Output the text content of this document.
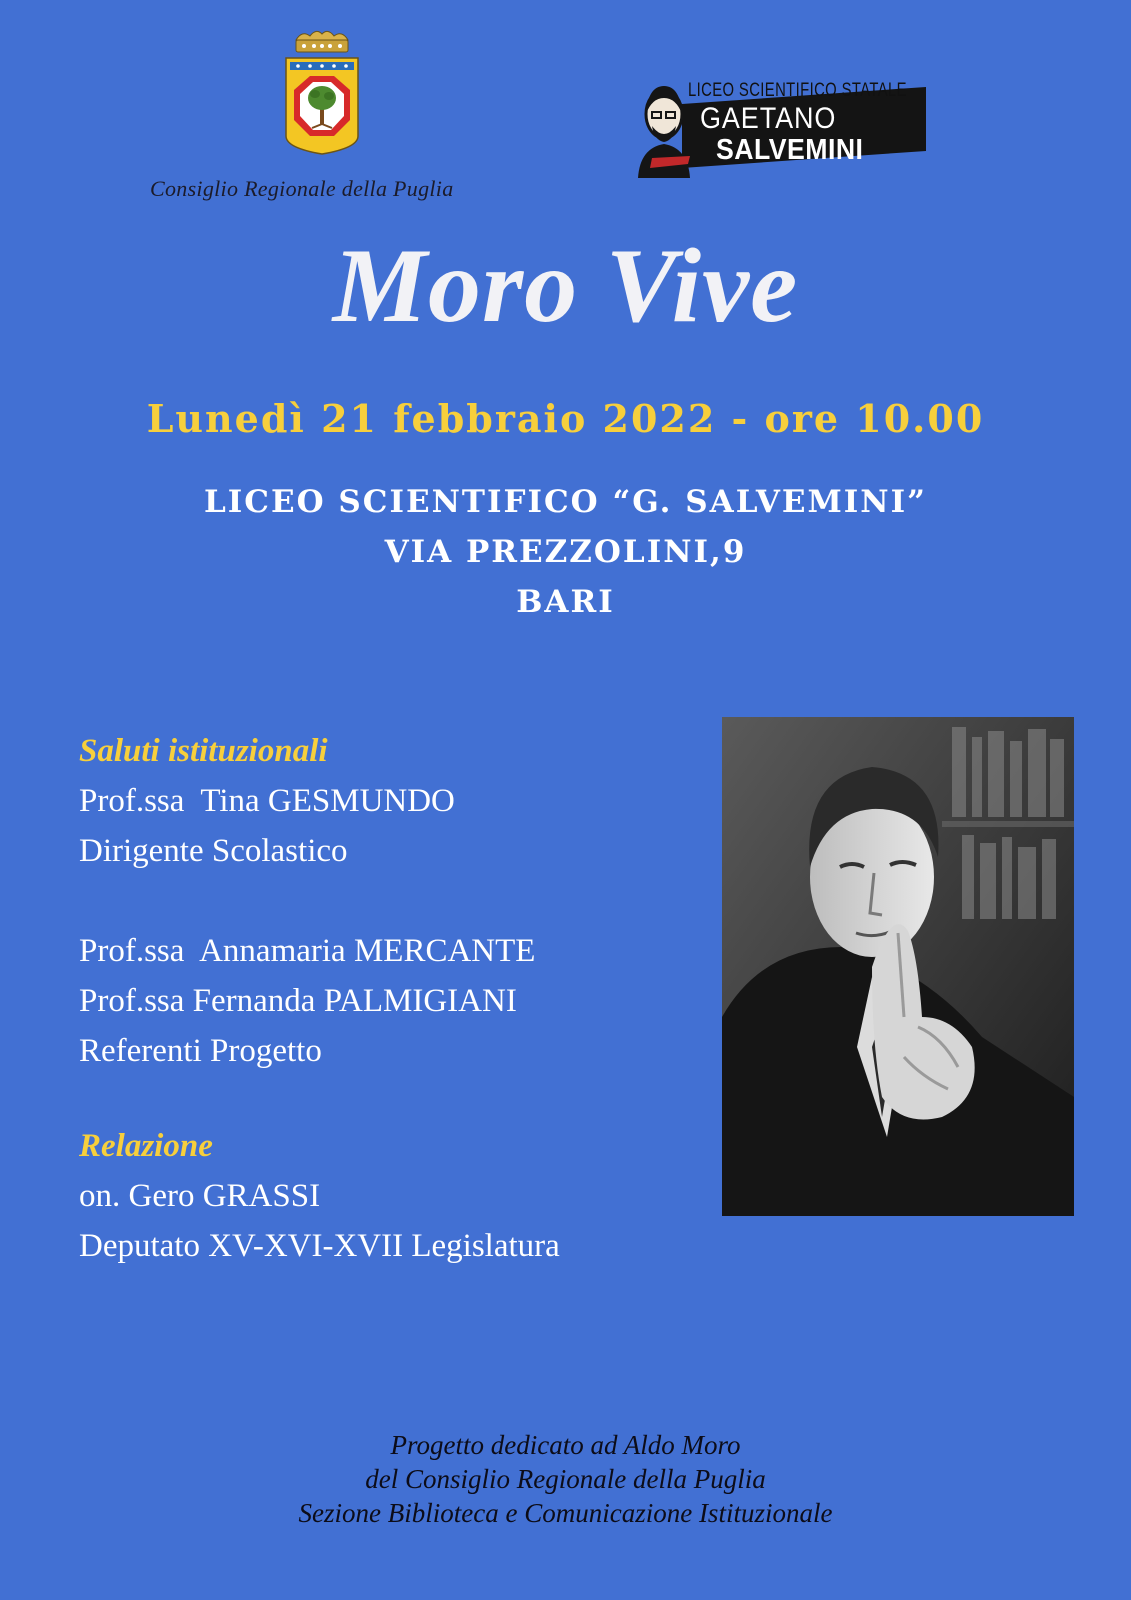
Consiglio Regionale della Puglia
LICEO SCIENTIFICO STATALE
GAETANO
SALVEMINI
Moro Vive
Lunedì 21 febbraio 2022 - ore 10.00
LICEO SCIENTIFICO “G. SALVEMINI”
VIA PREZZOLINI,9
BARI
Saluti istituzionali
Prof.ssa  Tina GESMUNDO
Dirigente Scolastico
Prof.ssa  Annamaria MERCANTE
Prof.ssa Fernanda PALMIGIANI
Referenti Progetto
Relazione
on. Gero GRASSI
Deputato XV-XVI-XVII Legislatura
Progetto dedicato ad Aldo Moro
del Consiglio Regionale della Puglia
Sezione Biblioteca e Comunicazione Istituzionale
